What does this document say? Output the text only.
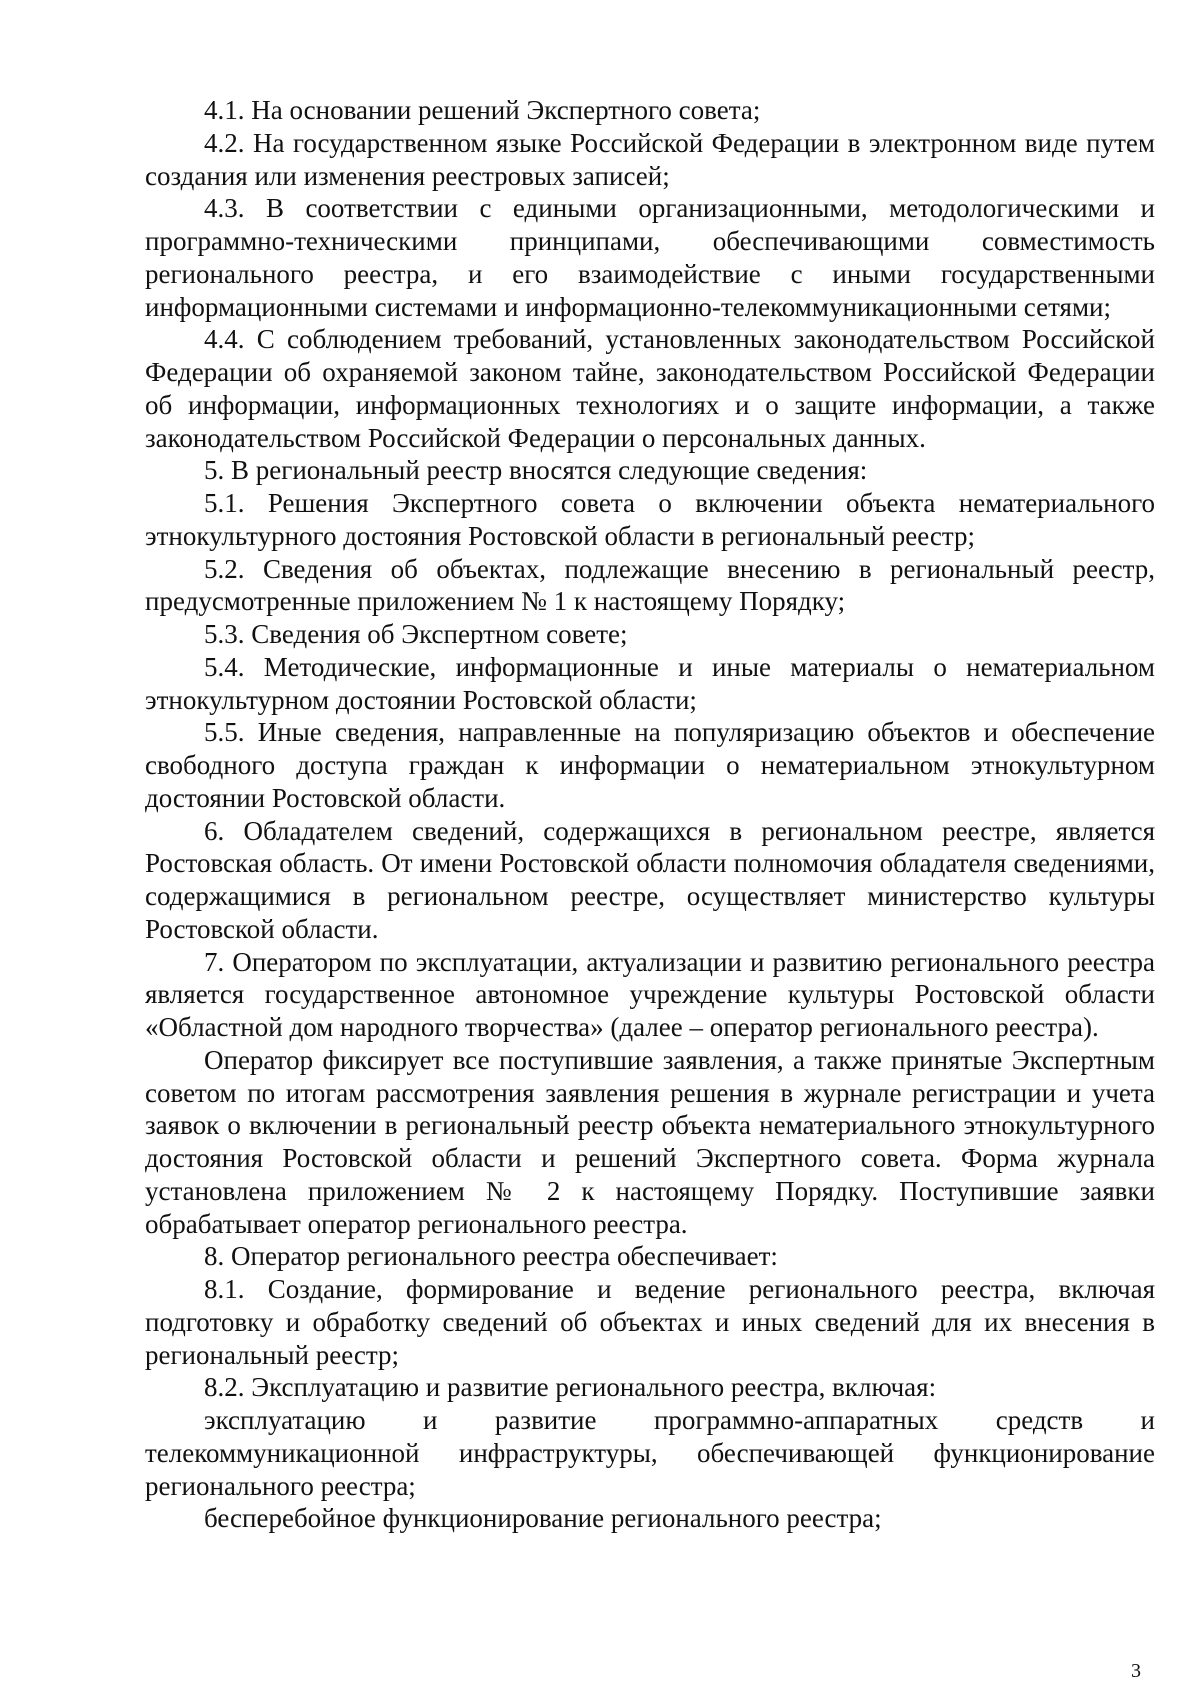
4.1. На основании решений Экспертного совета;

4.2. На государственном языке Российской Федерации в электронном виде путем создания или изменения реестровых записей;

4.3. В соответствии с едиными организационными, методологическими и программно-техническими принципами, обеспечивающими совместимость регионального реестра, и его взаимодействие с иными государственными информационными системами и информационно-телекоммуникационными сетями;

4.4. С соблюдением требований, установленных законодательством Российской Федерации об охраняемой законом тайне, законодательством Российской Федерации об информации, информационных технологиях и о защите информации, а также законодательством Российской Федерации о персональных данных.

5. В региональный реестр вносятся следующие сведения:

5.1. Решения Экспертного совета о включении объекта нематериального этнокультурного достояния Ростовской области в региональный реестр;

5.2. Сведения об объектах, подлежащие внесению в региональный реестр, предусмотренные приложением № 1 к настоящему Порядку;

5.3. Сведения об Экспертном совете;

5.4. Методические, информационные и иные материалы о нематериальном этнокультурном достоянии Ростовской области;

5.5. Иные сведения, направленные на популяризацию объектов и обеспечение свободного доступа граждан к информации о нематериальном этнокультурном достоянии Ростовской области.

6. Обладателем сведений, содержащихся в региональном реестре, является Ростовская область. От имени Ростовской области полномочия обладателя сведениями, содержащимися в региональном реестре, осуществляет министерство культуры Ростовской области.

7. Оператором по эксплуатации, актуализации и развитию регионального реестра является государственное автономное учреждение культуры Ростовской области «Областной дом народного творчества» (далее – оператор регионального реестра).

Оператор фиксирует все поступившие заявления, а также принятые Экспертным советом по итогам рассмотрения заявления решения в журнале регистрации и учета заявок о включении в региональный реестр объекта нематериального этнокультурного достояния Ростовской области и решений Экспертного совета. Форма журнала установлена приложением № 2 к настоящему Порядку. Поступившие заявки обрабатывает оператор регионального реестра.

8. Оператор регионального реестра обеспечивает:

8.1. Создание, формирование и ведение регионального реестра, включая подготовку и обработку сведений об объектах и иных сведений для их внесения в региональный реестр;

8.2. Эксплуатацию и развитие регионального реестра, включая:

эксплуатацию и развитие программно-аппаратных средств и телекоммуникационной инфраструктуры, обеспечивающей функционирование регионального реестра;

бесперебойное функционирование регионального реестра;

3
